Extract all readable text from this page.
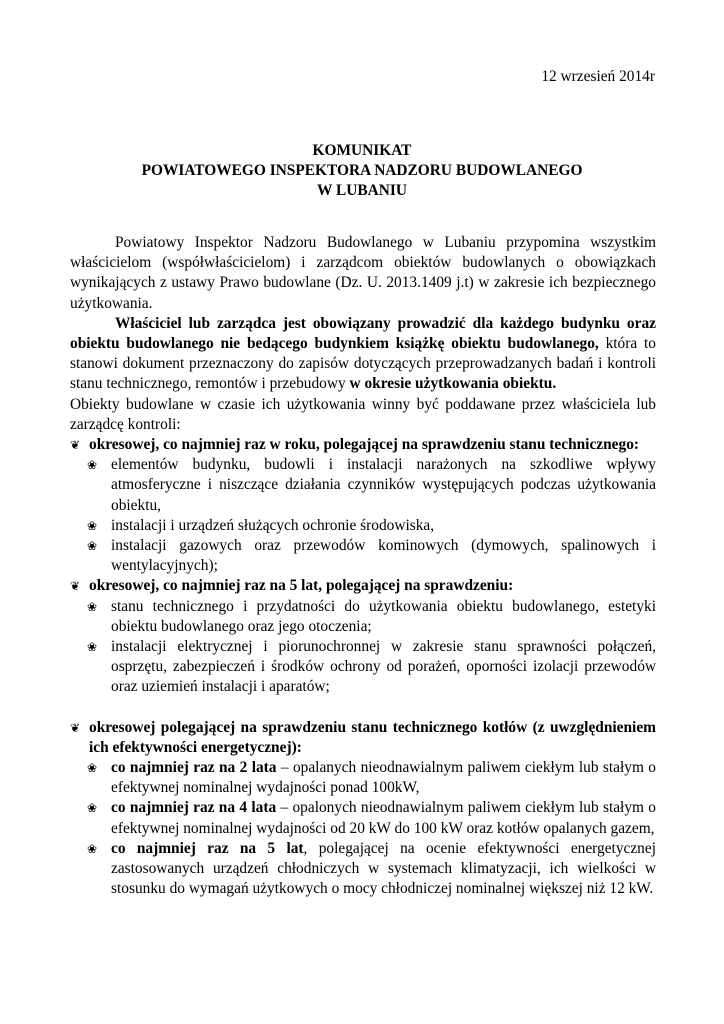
12 wrzesień 2014r
KOMUNIKAT
POWIATOWEGO INSPEKTORA NADZORU BUDOWLANEGO
W LUBANIU

Powiatowy Inspektor Nadzoru Budowlanego w Lubaniu przypomina wszystkim właścicielom (współwłaścicielom) i zarządcom obiektów budowlanych o obowiązkach wynikających z ustawy Prawo budowlane (Dz. U. 2013.1409 j.t) w zakresie ich bezpiecznego użytkowania.

Właściciel lub zarządca jest obowiązany prowadzić dla każdego budynku oraz obiektu budowlanego nie bedącego budynkiem książkę obiektu budowlanego, która to stanowi dokument przeznaczony do zapisów dotyczących przeprowadzanych badań i kontroli stanu technicznego, remontów i przebudowy w okresie użytkowania obiektu.

Obiekty budowlane w czasie ich użytkowania winny być poddawane przez właściciela lub zarządcę kontroli:

❦ okresowej, co najmniej raz w roku, polegającej na sprawdzeniu stanu technicznego:
❀ elementów budynku, budowli i instalacji narażonych na szkodliwe wpływy atmosferyczne i niszczące działania czynników występujących podczas użytkowania obiektu,
❀ instalacji i urządzeń służących ochronie środowiska,
❀ instalacji gazowych oraz przewodów kominowych (dymowych, spalinowych i wentylacyjnych);
❦ okresowej, co najmniej raz na 5 lat, polegającej na sprawdzeniu:
❀ stanu technicznego i przydatności do użytkowania obiektu budowlanego, estetyki obiektu budowlanego oraz jego otoczenia;
❀ instalacji elektrycznej i piorunochronnej w zakresie stanu sprawności połączeń, osprzętu, zabezpieczeń i środków ochrony od porażeń, oporności izolacji przewodów oraz uziemień instalacji i aparatów;
❦ okresowej polegającej na sprawdzeniu stanu technicznego kotłów (z uwzględnieniem ich efektywności energetycznej):
❀ co najmniej raz na 2 lata – opalanych nieodnawialnym paliwem ciekłym lub stałym o efektywnej nominalnej wydajności ponad 100kW,
❀ co najmniej raz na 4 lata – opalonych nieodnawialnym paliwem ciekłym lub stałym o efektywnej nominalnej wydajności od 20 kW do 100 kW oraz kotłów opalanych gazem,
❀ co najmniej raz na 5 lat, polegającej na ocenie efektywności energetycznej zastosowanych urządzeń chłodniczych w systemach klimatyzacji, ich wielkości w stosunku do wymagań użytkowych o mocy chłodniczej nominalnej większej niż 12 kW.
